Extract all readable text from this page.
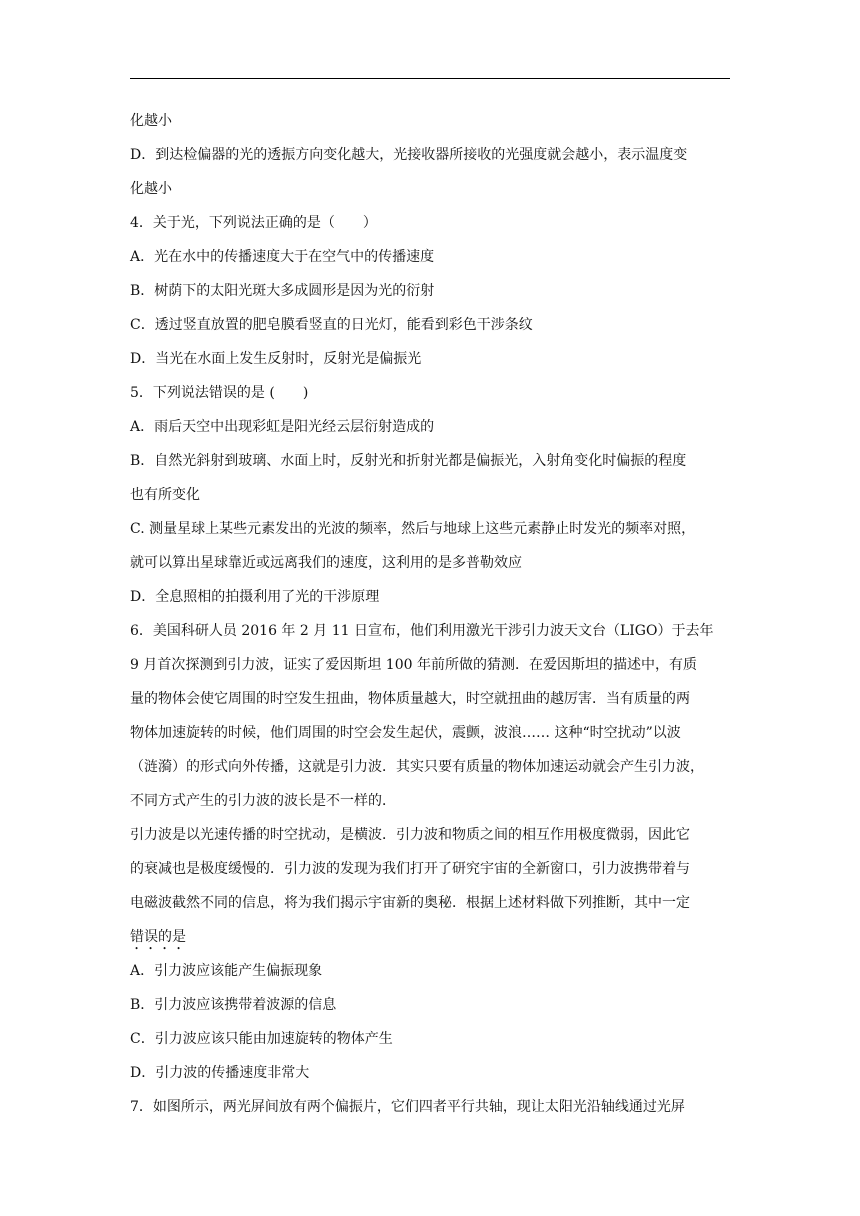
化越小
D．到达检偏器的光的透振方向变化越大，光接收器所接收的光强度就会越小，表示温度变
化越小
4．关于光，下列说法正确的是（　　）
A．光在水中的传播速度大于在空气中的传播速度
B．树荫下的太阳光斑大多成圆形是因为光的衍射
C．透过竖直放置的肥皂膜看竖直的日光灯，能看到彩色干涉条纹
D．当光在水面上发生反射时，反射光是偏振光
5．下列说法错误的是 (　　)
A．雨后天空中出现彩虹是阳光经云层衍射造成的
B．自然光斜射到玻璃、水面上时，反射光和折射光都是偏振光，入射角变化时偏振的程度
也有所变化
C. 测量星球上某些元素发出的光波的频率，然后与地球上这些元素静止时发光的频率对照，
就可以算出星球靠近或远离我们的速度，这利用的是多普勒效应
D．全息照相的拍摄利用了光的干涉原理
6．美国科研人员 2016 年 2 月 11 日宣布，他们利用激光干涉引力波天文台（LIGO）于去年
9 月首次探测到引力波，证实了爱因斯坦 100 年前所做的猜测．在爱因斯坦的描述中，有质
量的物体会使它周围的时空发生扭曲，物体质量越大，时空就扭曲的越厉害．当有质量的两
物体加速旋转的时候，他们周围的时空会发生起伏，震颤，波浪…… 这种“时空扰动”以波
（涟漪）的形式向外传播，这就是引力波．其实只要有质量的物体加速运动就会产生引力波，
不同方式产生的引力波的波长是不一样的．
引力波是以光速传播的时空扰动，是横波．引力波和物质之间的相互作用极度微弱，因此它
的衰减也是极度缓慢的．引力波的发现为我们打开了研究宇宙的全新窗口，引力波携带着与
电磁波截然不同的信息，将为我们揭示宇宙新的奥秘．根据上述材料做下列推断，其中一定
错误的是
A．引力波应该能产生偏振现象
B．引力波应该携带着波源的信息
C．引力波应该只能由加速旋转的物体产生
D．引力波的传播速度非常大
7．如图所示，两光屏间放有两个偏振片，它们四者平行共轴，现让太阳光沿轴线通过光屏
